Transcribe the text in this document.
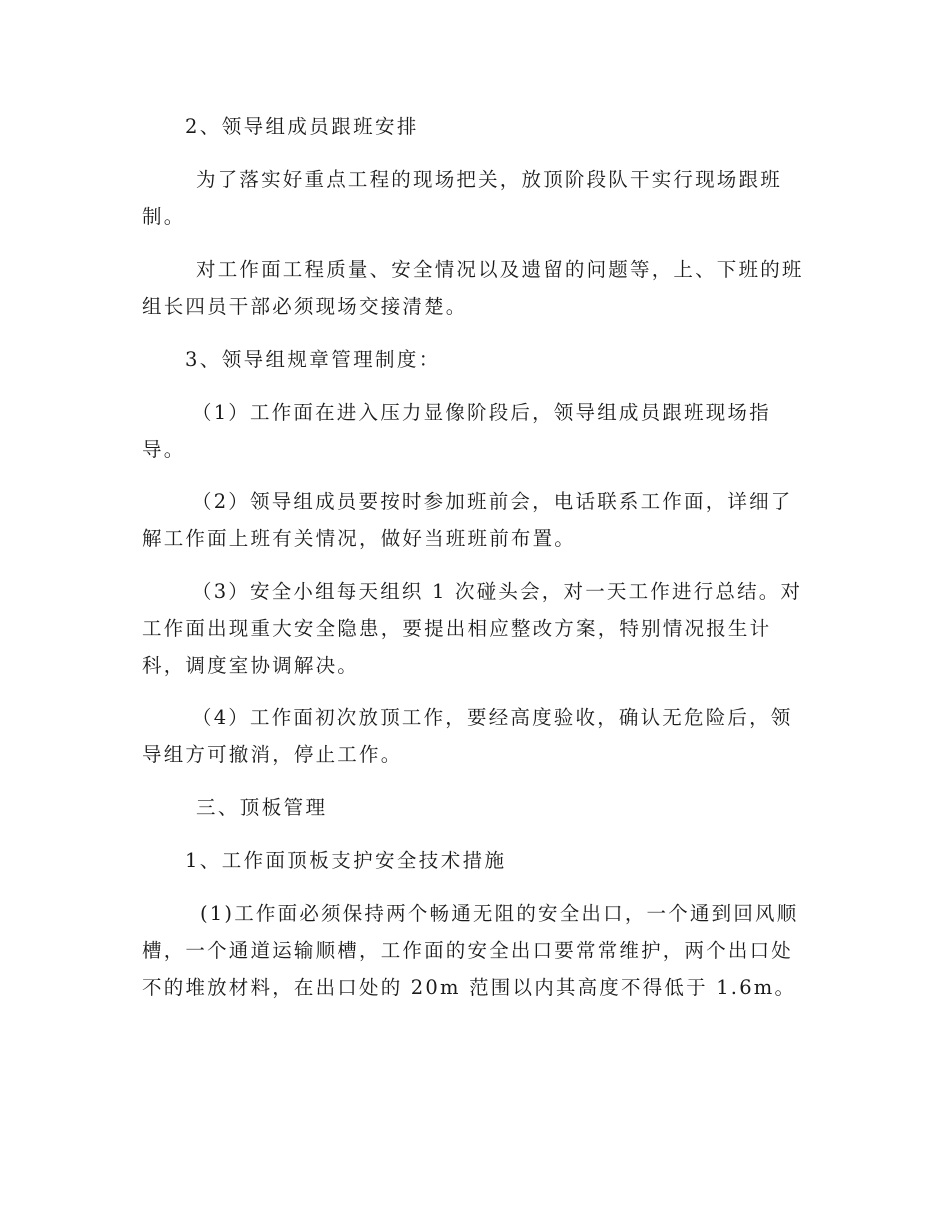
2、领导组成员跟班安排
为了落实好重点工程的现场把关，放顶阶段队干实行现场跟班
制。
对工作面工程质量、安全情况以及遗留的问题等，上、下班的班
组长四员干部必须现场交接清楚。
3、领导组规章管理制度：
（1）工作面在进入压力显像阶段后，领导组成员跟班现场指
导。
（2）领导组成员要按时参加班前会，电话联系工作面，详细了
解工作面上班有关情况，做好当班班前布置。
（3）安全小组每天组织 1 次碰头会，对一天工作进行总结。对
工作面出现重大安全隐患，要提出相应整改方案，特别情况报生计
科，调度室协调解决。
（4）工作面初次放顶工作，要经高度验收，确认无危险后，领
导组方可撤消，停止工作。
三、顶板管理
1、工作面顶板支护安全技术措施
(1)工作面必须保持两个畅通无阻的安全出口，一个通到回风顺
槽，一个通道运输顺槽，工作面的安全出口要常常维护，两个出口处
不的堆放材料，在出口处的 20m 范围以内其高度不得低于 1.6m。
